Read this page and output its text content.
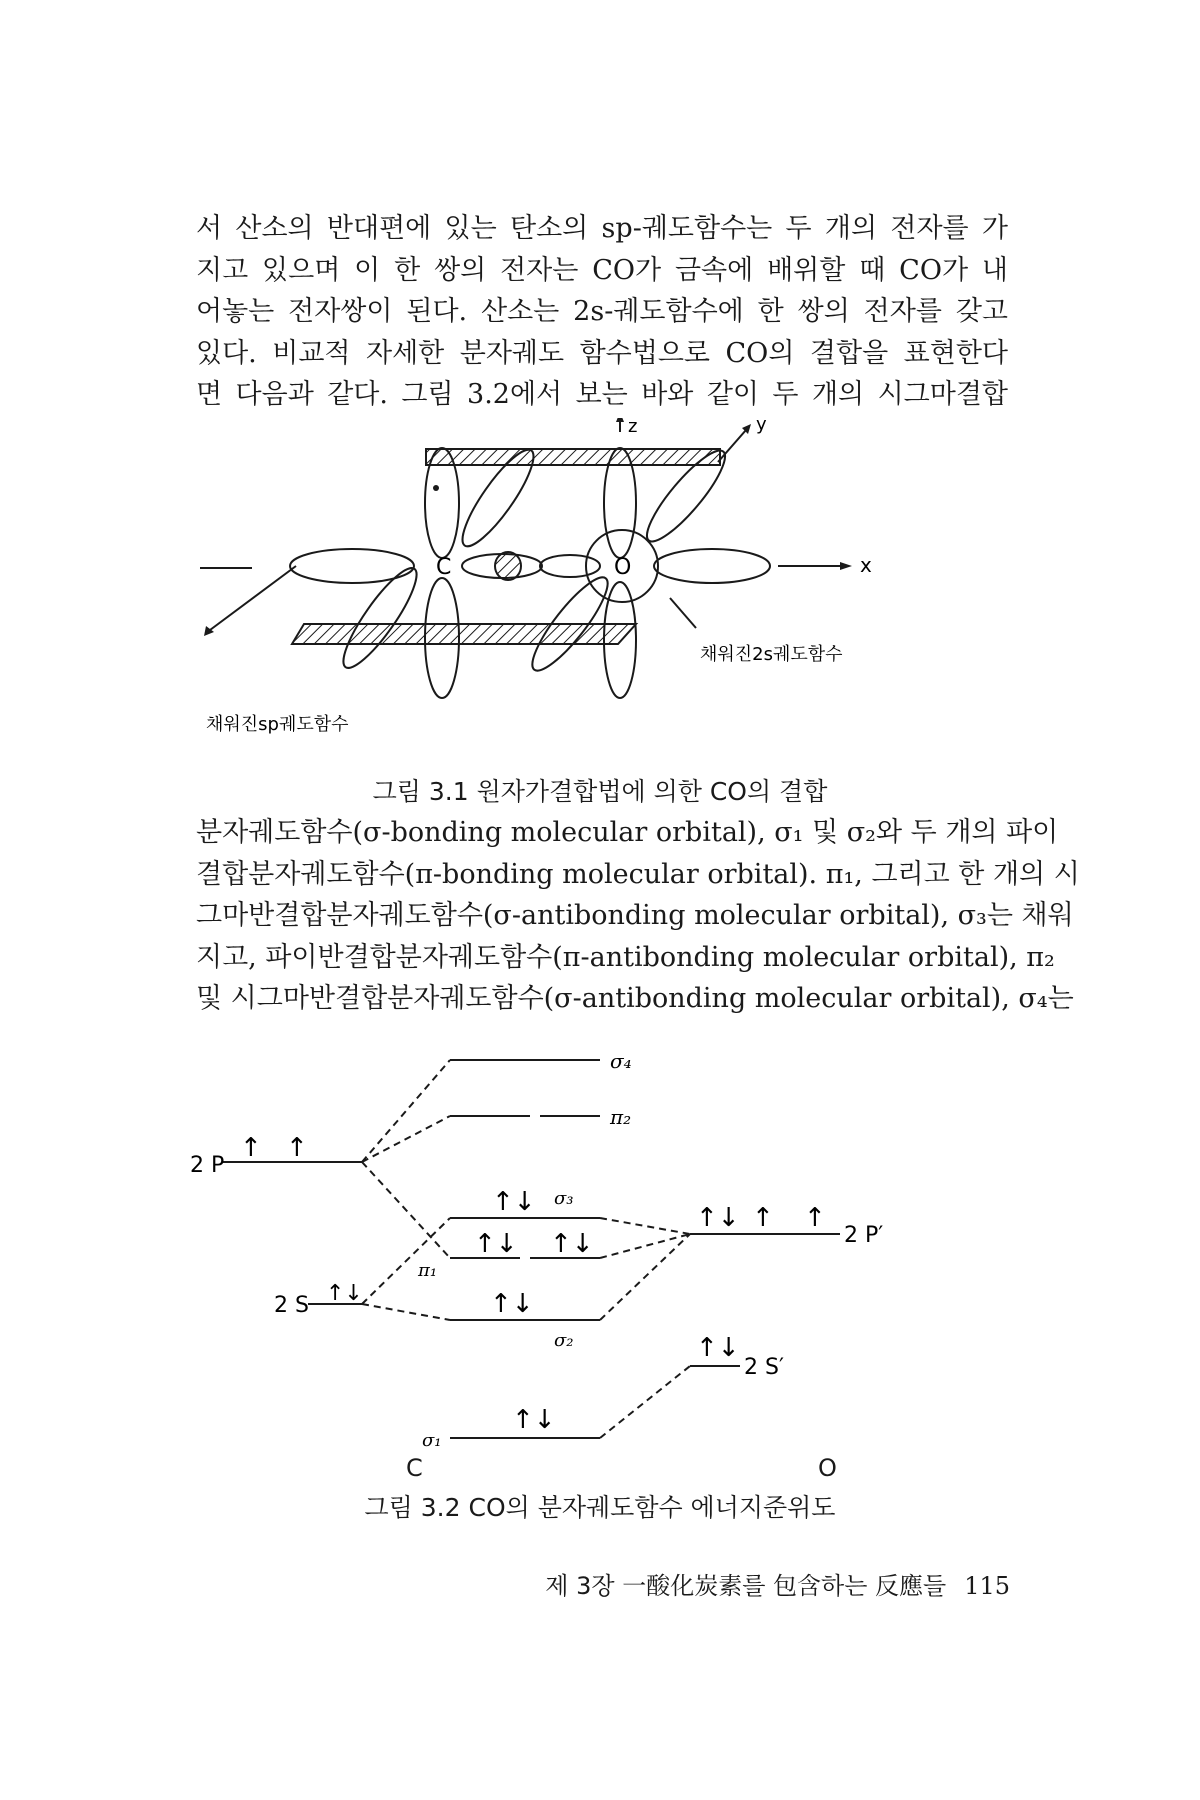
서 산소의 반대편에 있는 탄소의 sp-궤도함수는 두 개의 전자를 가
지고 있으며 이 한 쌍의 전자는 CO가 금속에 배위할 때 CO가 내
어놓는 전자쌍이 된다. 산소는 2s-궤도함수에 한 쌍의 전자를 갖고
있다. 비교적 자세한 분자궤도 함수법으로 CO의 결합을 표현한다
면 다음과 같다. 그림 3.2에서 보는 바와 같이 두 개의 시그마결합
C	O
z	y
x
채워진sp궤도함수
채워진2s궤도함수
그림 3.1 원자가결합법에 의한 CO의 결합
분자궤도함수(σ-bonding molecular orbital), σ₁ 및 σ₂와 두 개의 파이
결합분자궤도함수(π-bonding molecular orbital). π₁, 그리고 한 개의 시
그마반결합분자궤도함수(σ-antibonding molecular orbital), σ₃는 채워
지고, 파이반결합분자궤도함수(π-antibonding molecular orbital), π₂
및 시그마반결합분자궤도함수(σ-antibonding molecular orbital), σ₄는
↑ ↑
↑↓
↑↓
↑↓ ↑↓
↑↓
↑↓
↑↓ ↑ ↑
↑↓
2 P
2 S
2 P′
2 S′
σ₄
π₂
σ₃
π₁
σ₂
σ₁
C	O
그림 3.2 CO의 분자궤도함수 에너지준위도
제 3장 一酸化炭素를 包含하는 反應들 115
